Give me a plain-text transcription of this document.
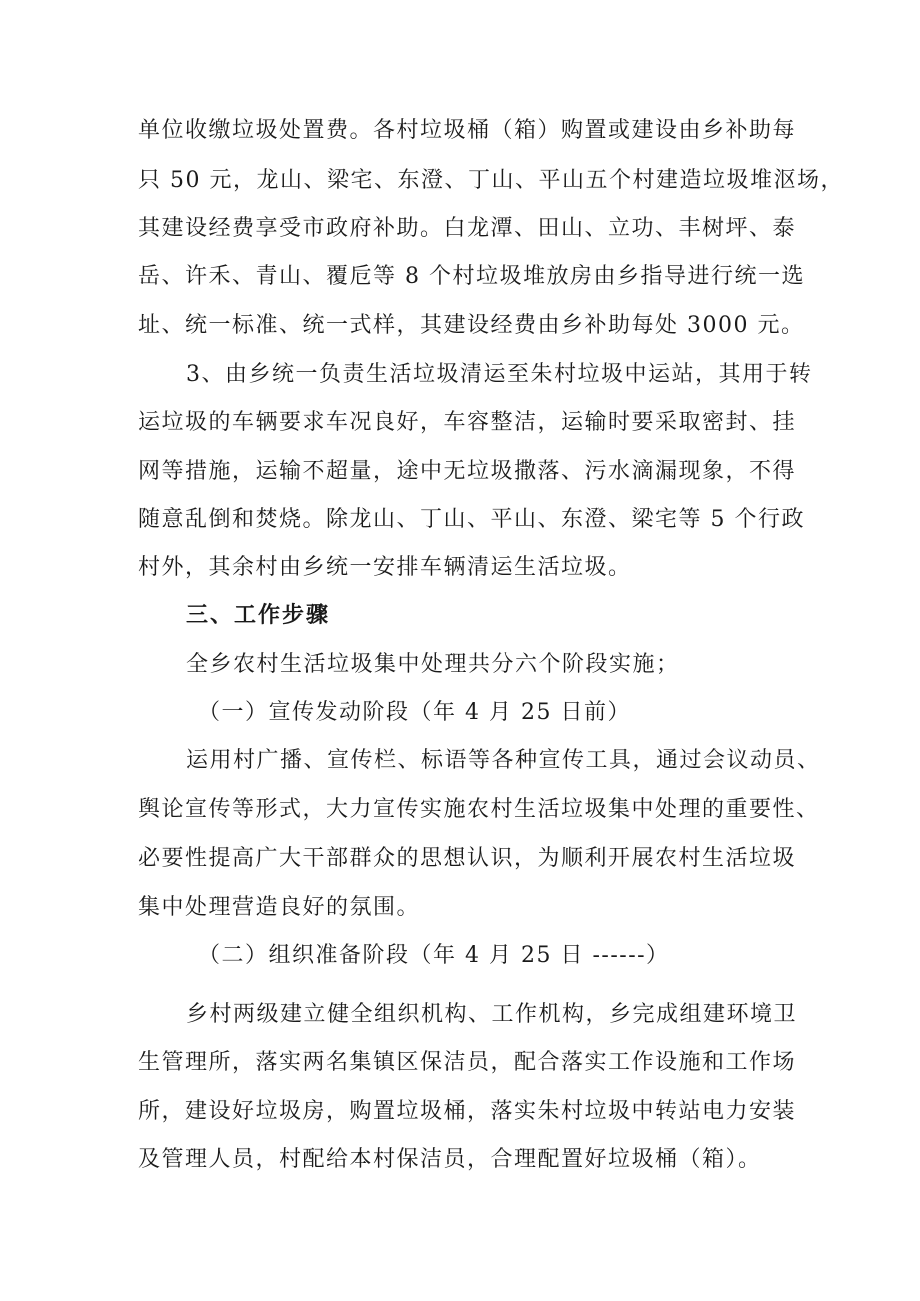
单位收缴垃圾处置费。各村垃圾桶（箱）购置或建设由乡补助每
只 50 元，龙山、梁宅、东澄、丁山、平山五个村建造垃圾堆沤场，
其建设经费享受市政府补助。白龙潭、田山、立功、丰树坪、泰
岳、许禾、青山、覆卮等 8 个村垃圾堆放房由乡指导进行统一选
址、统一标准、统一式样，其建设经费由乡补助每处 3000 元。
3、由乡统一负责生活垃圾清运至朱村垃圾中运站，其用于转
运垃圾的车辆要求车况良好，车容整洁，运输时要采取密封、挂
网等措施，运输不超量，途中无垃圾撒落、污水滴漏现象，不得
随意乱倒和焚烧。除龙山、丁山、平山、东澄、梁宅等 5 个行政
村外，其余村由乡统一安排车辆清运生活垃圾。
三、工作步骤
全乡农村生活垃圾集中处理共分六个阶段实施；
（一）宣传发动阶段（年 4 月 25 日前）
运用村广播、宣传栏、标语等各种宣传工具，通过会议动员、
舆论宣传等形式，大力宣传实施农村生活垃圾集中处理的重要性、
必要性提高广大干部群众的思想认识，为顺利开展农村生活垃圾
集中处理营造良好的氛围。
（二）组织准备阶段（年 4 月 25 日 ------）
乡村两级建立健全组织机构、工作机构，乡完成组建环境卫
生管理所，落实两名集镇区保洁员，配合落实工作设施和工作场
所，建设好垃圾房，购置垃圾桶，落实朱村垃圾中转站电力安装
及管理人员，村配给本村保洁员，合理配置好垃圾桶（箱）。
